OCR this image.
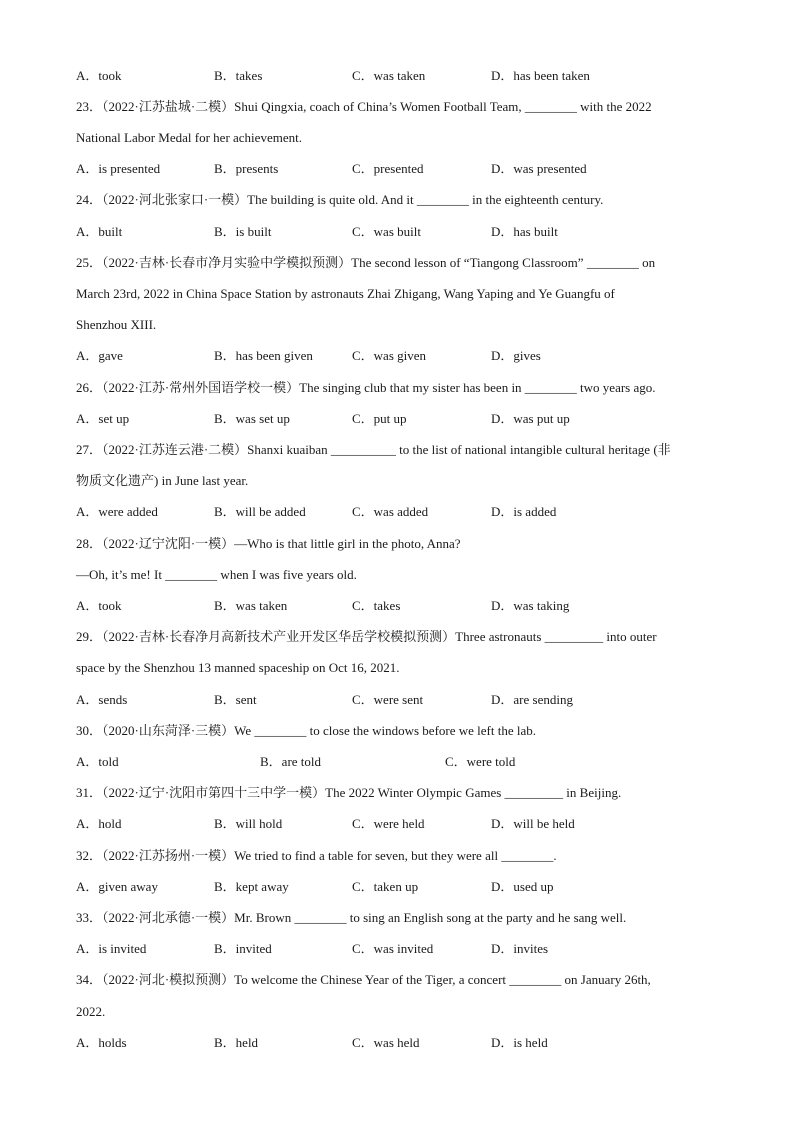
A．took	B．takes	C．was taken	D．has been taken
23．（2022·江苏盐城·二模）Shui Qingxia, coach of China’s Women Football Team, ________ with the 2022
National Labor Medal for her achievement.
A．is presented	B．presents	C．presented	D．was presented
24．（2022·河北张家口·一模）The building is quite old. And it ________ in the eighteenth century.
A．built	B．is built	C．was built	D．has built
25．（2022·吉林·长春市净月实验中学模拟预测）The second lesson of “Tiangong Classroom” ________ on
March 23rd, 2022 in China Space Station by astronauts Zhai Zhigang, Wang Yaping and Ye Guangfu of
Shenzhou XIII.
A．gave	B．has been given	C．was given	D．gives
26．（2022·江苏·常州外国语学校一模）The singing club that my sister has been in ________ two years ago.
A．set up	B．was set up	C．put up	D．was put up
27．（2022·江苏连云港·二模）Shanxi kuaiban __________ to the list of national intangible cultural heritage (非
物质文化遗产) in June last year.
A．were added	B．will be added	C．was added	D．is added
28．（2022·辽宁沈阳·一模）—Who is that little girl in the photo, Anna?
—Oh, it’s me! It ________ when I was five years old.
A．took	B．was taken	C．takes	D．was taking
29．（2022·吉林·长春净月高新技术产业开发区华岳学校模拟预测）Three astronauts _________ into outer
space by the Shenzhou 13 manned spaceship on Oct 16, 2021.
A．sends	B．sent	C．were sent	D．are sending
30．（2020·山东菏泽·三模）We ________ to close the windows before we left the lab.
A．told	B．are told	C．were told
31．（2022·辽宁·沈阳市第四十三中学一模）The 2022 Winter Olympic Games _________ in Beijing.
A．hold	B．will hold	C．were held	D．will be held
32．（2022·江苏扬州·一模）We tried to find a table for seven, but they were all ________.
A．given away	B．kept away	C．taken up	D．used up
33．（2022·河北承德·一模）Mr. Brown ________ to sing an English song at the party and he sang well.
A．is invited	B．invited	C．was invited	D．invites
34．（2022·河北·模拟预测）To welcome the Chinese Year of the Tiger, a concert ________ on January 26th,
2022.
A．holds	B．held	C．was held	D．is held
